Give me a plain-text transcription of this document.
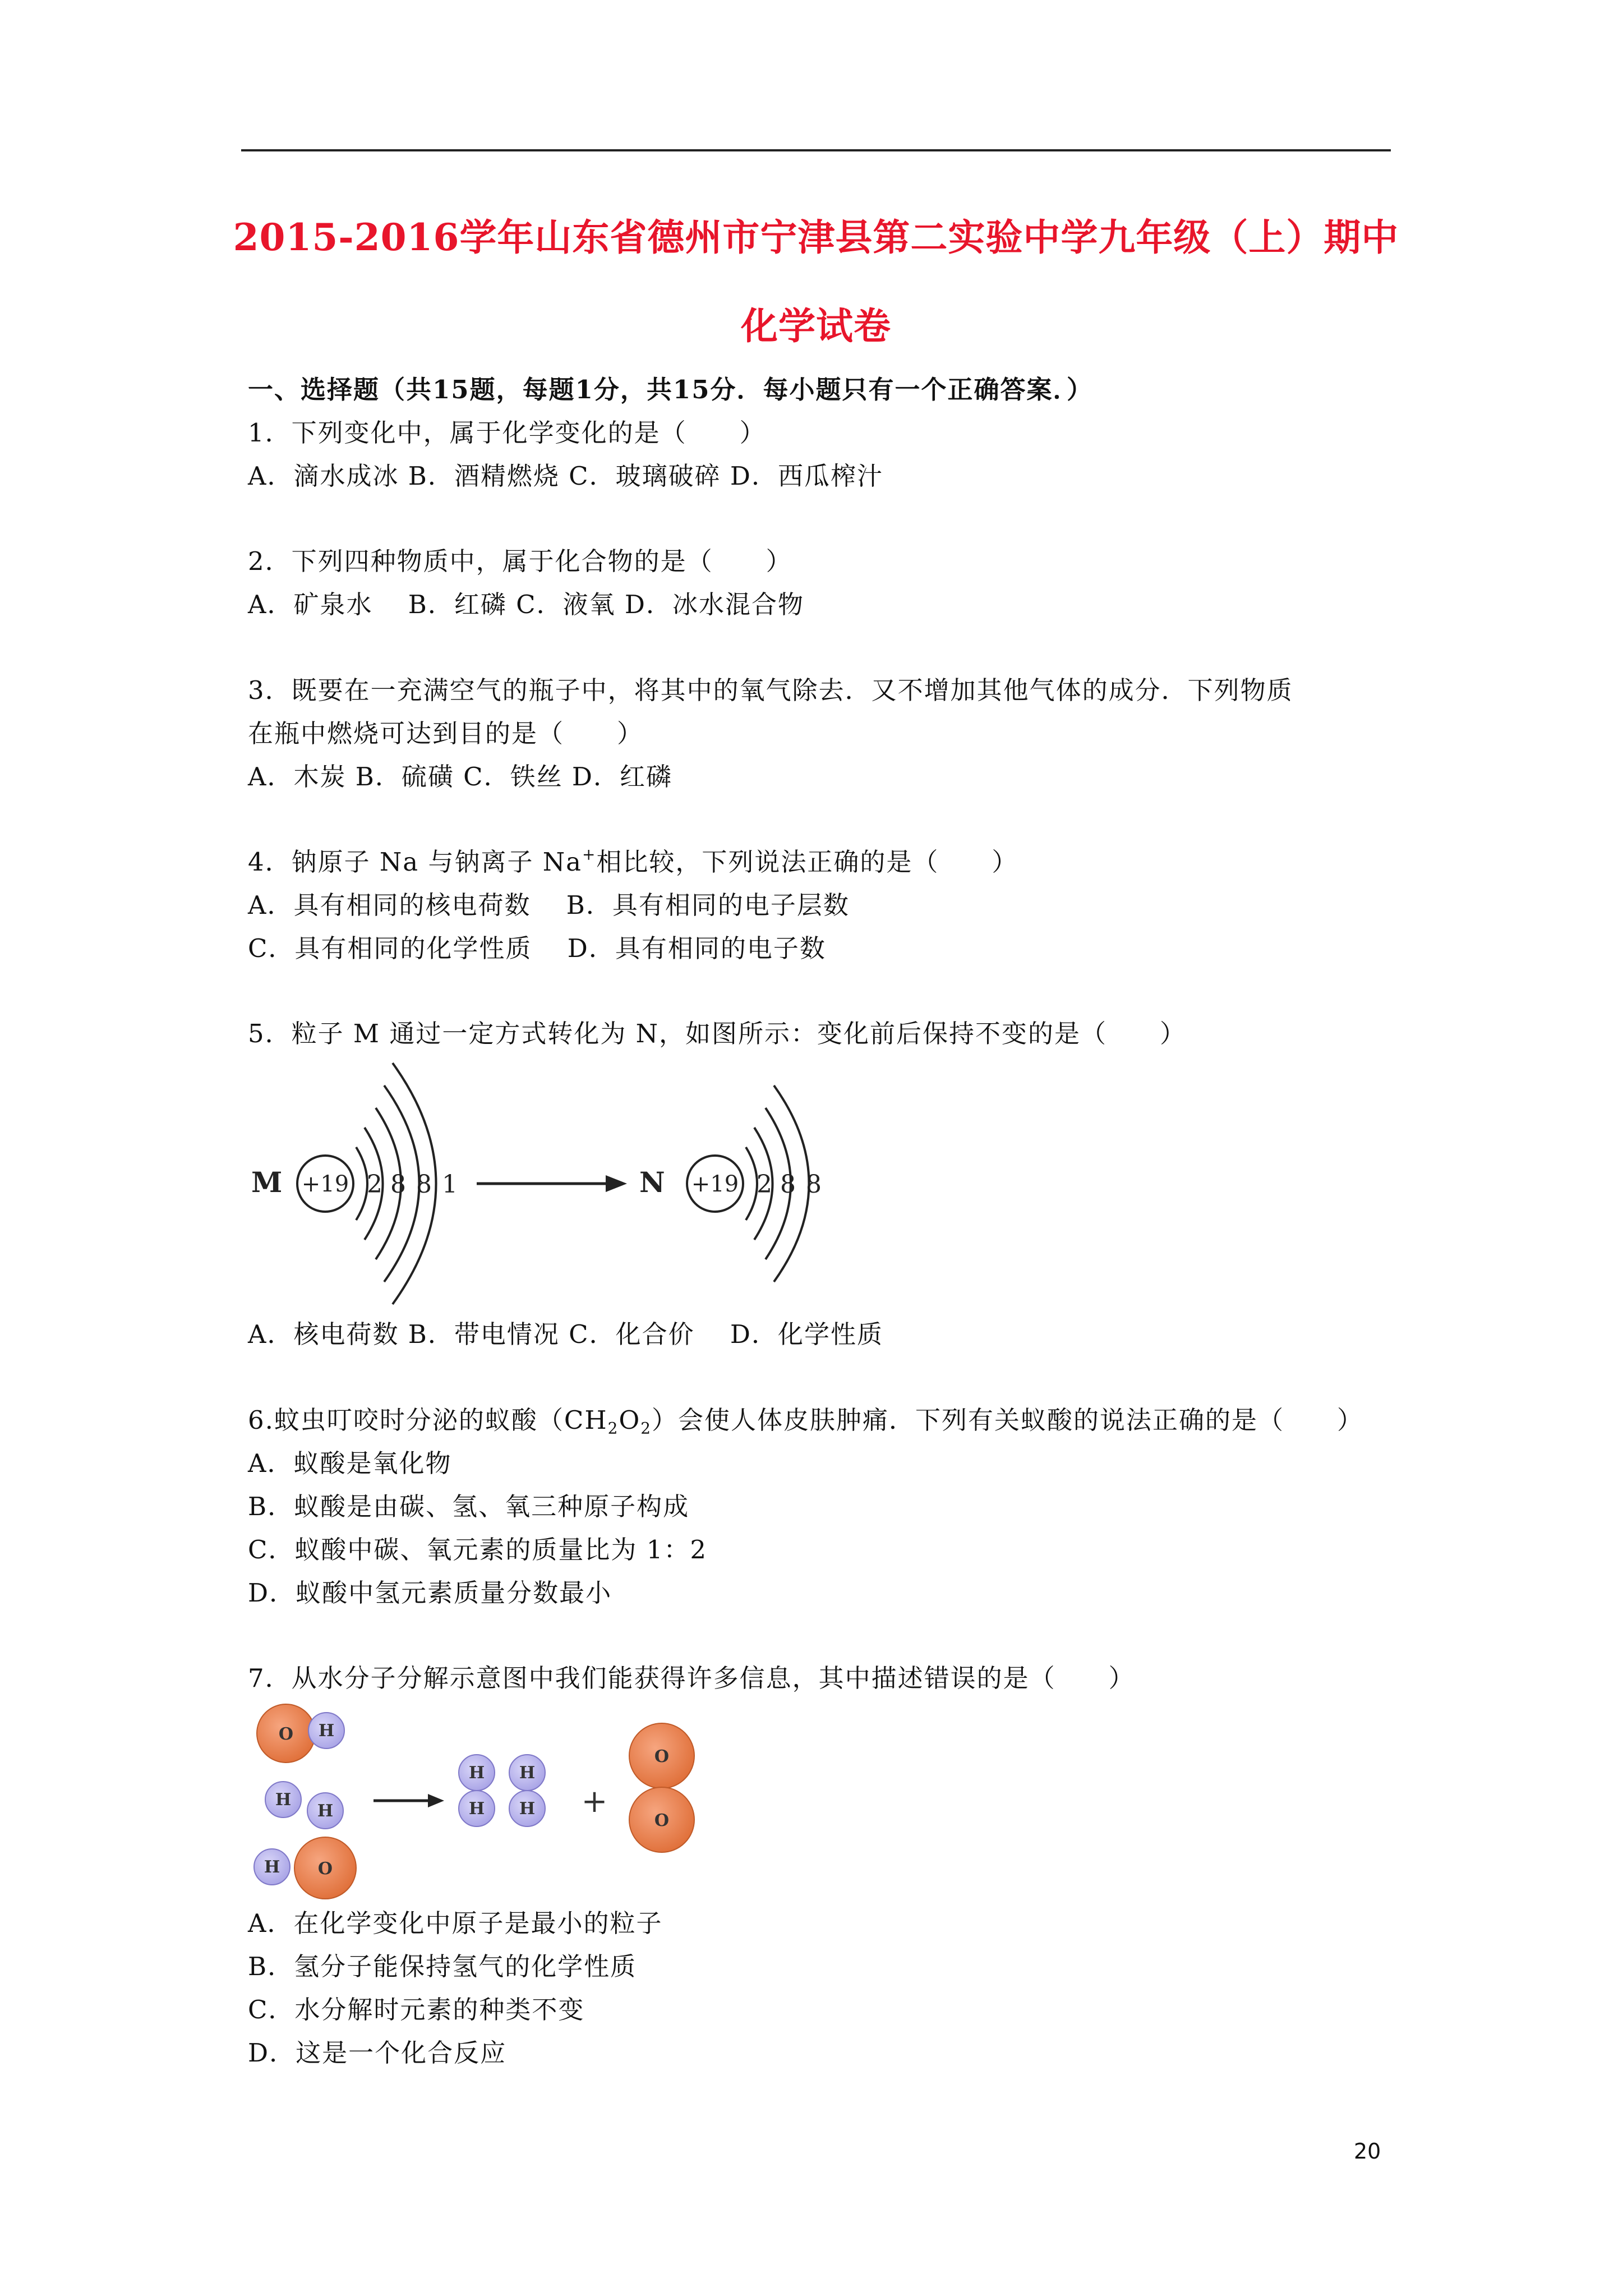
2015-2016学年山东省德州市宁津县第二实验中学九年级（上）期中
化学试卷
一、选择题（共15题，每题1分，共15分．每小题只有一个正确答案．）
1．下列变化中，属于化学变化的是（　　）
A．滴水成冰 B．酒精燃烧 C．玻璃破碎 D．西瓜榨汁
2．下列四种物质中，属于化合物的是（　　）
A．矿泉水　 B．红磷 C．液氧 D．冰水混合物
3．既要在一充满空气的瓶子中，将其中的氧气除去．又不增加其他气体的成分．下列物质
在瓶中燃烧可达到目的是（　　）
A．木炭 B．硫磺 C．铁丝 D．红磷
4．钠原子 Na 与钠离子 Na+相比较，下列说法正确的是（　　）
A．具有相同的核电荷数　 B．具有相同的电子层数
C．具有相同的化学性质　 D．具有相同的电子数
5．粒子 M 通过一定方式转化为 N，如图所示：变化前后保持不变的是（　　）
M +19 2 8 8 1	N +19 2 8 8
A．核电荷数 B．带电情况 C．化合价　 D．化学性质
6.蚊虫叮咬时分泌的蚁酸$(CH_2O_2)$会使人体皮肤肿痛．下列有关蚁酸的说法正确的是（　　）
A．蚁酸是氧化物
B．蚁酸是由碳、氢、氧三种原子构成
C．蚁酸中碳、氧元素的质量比为 1：2
D．蚁酸中氢元素质量分数最小
7．从水分子分解示意图中我们能获得许多信息，其中描述错误的是（　　）
O H
H
H
H O
H
H
H
H +
O
O
A．在化学变化中原子是最小的粒子
B．氢分子能保持氢气的化学性质
C．水分解时元素的种类不变
D．这是一个化合反应
20
